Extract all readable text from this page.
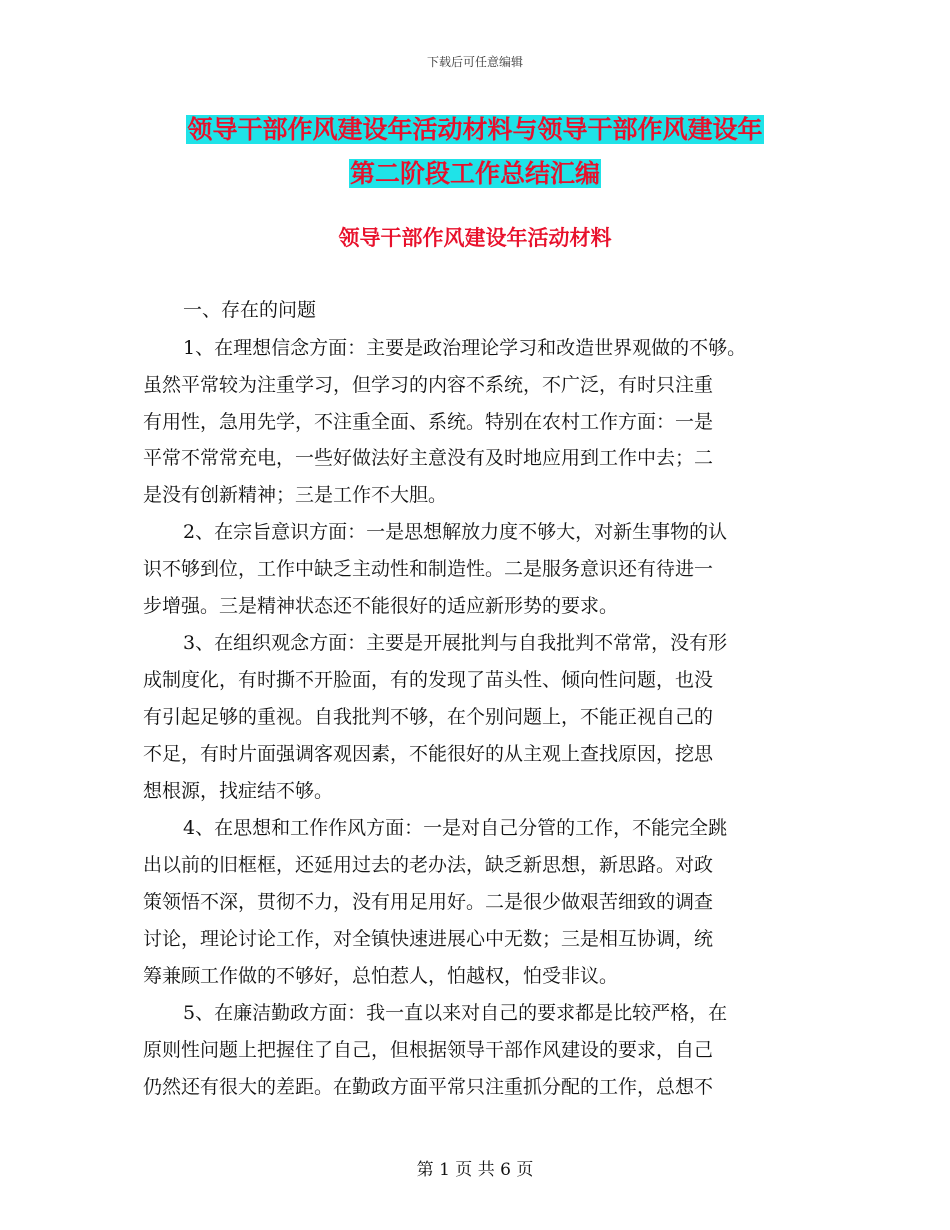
下载后可任意编辑
领导干部作风建设年活动材料与领导干部作风建设年
第二阶段工作总结汇编
领导干部作风建设年活动材料
一、存在的问题
1、在理想信念方面：主要是政治理论学习和改造世界观做的不够。
虽然平常较为注重学习，但学习的内容不系统，不广泛，有时只注重
有用性，急用先学，不注重全面、系统。特别在农村工作方面：一是
平常不常常充电，一些好做法好主意没有及时地应用到工作中去；二
是没有创新精神；三是工作不大胆。
2、在宗旨意识方面：一是思想解放力度不够大，对新生事物的认
识不够到位，工作中缺乏主动性和制造性。二是服务意识还有待进一
步增强。三是精神状态还不能很好的适应新形势的要求。
3、在组织观念方面：主要是开展批判与自我批判不常常，没有形
成制度化，有时撕不开脸面，有的发现了苗头性、倾向性问题，也没
有引起足够的重视。自我批判不够，在个别问题上，不能正视自己的
不足，有时片面强调客观因素，不能很好的从主观上查找原因，挖思
想根源，找症结不够。
4、在思想和工作作风方面：一是对自己分管的工作，不能完全跳
出以前的旧框框，还延用过去的老办法，缺乏新思想，新思路。对政
策领悟不深，贯彻不力，没有用足用好。二是很少做艰苦细致的调查
讨论，理论讨论工作，对全镇快速进展心中无数；三是相互协调，统
筹兼顾工作做的不够好，总怕惹人，怕越权，怕受非议。
5、在廉洁勤政方面：我一直以来对自己的要求都是比较严格，在
原则性问题上把握住了自己，但根据领导干部作风建设的要求，自己
仍然还有很大的差距。在勤政方面平常只注重抓分配的工作，总想不
第 1 页 共 6 页
